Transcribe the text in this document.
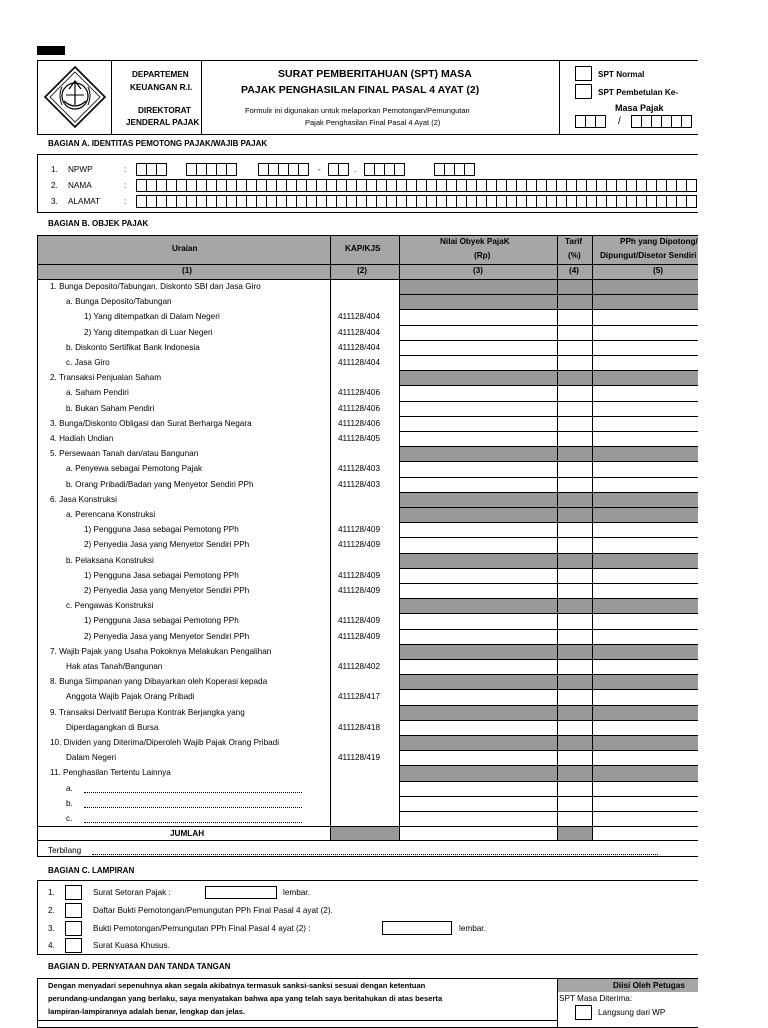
DEPARTEMEN
KEUANGAN R.I.
DIREKTORAT
JENDERAL PAJAK
SURAT PEMBERITAHUAN (SPT) MASA
PAJAK PENGHASILAN FINAL PASAL 4 AYAT (2)
Formulir ini digunakan untuk melaporkan Pemotongan/Pemungutan
Pajak Penghasilan Final Pasal 4 Ayat (2)
SPT Normal
SPT Pembetulan Ke-
Masa Pajak
/
BAGIAN A. IDENTITAS PEMOTONG PAJAK/WAJIB PAJAK
1. NPWP	:	-	.
2. NAMA	:
3. ALAMAT	:
BAGIAN B. OBJEK PAJAK
Uraian	KAP/KJS
Nilai Obyek PajaK
(Rp)
Tarif
(%)
PPh yang Dipotong/
Dipungut/Disetor Sendiri
(1)	(2)	(3)	(4)	(5)
1. Bunga Deposito/Tabungan, Diskonto SBI dan Jasa Giro
a. Bunga Deposito/Tabungan
1) Yang ditempatkan di Dalam Negeri	411128/404
2) Yang ditempatkan di Luar Negeri	411128/404
b. Diskonto Sertifikat Bank Indonesia	411128/404
c. Jasa Giro	411128/404
2. Transaksi Penjualan Saham
a. Saham Pendiri	411128/406
b. Bukan Saham Pendiri	411128/406
3. Bunga/Diskonto Obligasi dan Surat Berharga Negara	411128/406
4. Hadiah Undian	411128/405
5. Persewaan Tanah dan/atau Bangunan
a. Penyewa sebagai Pemotong Pajak	411128/403
b. Orang Pribadi/Badan yang Menyetor Sendiri PPh	411128/403
6. Jasa Konstruksi
a. Perencana Konstruksi
1) Pengguna Jasa sebagai Pemotong PPh	411128/409
2) Penyedia Jasa yang Menyetor Sendiri PPh	411128/409
b. Pelaksana Konstruksi
1) Pengguna Jasa sebagai Pemotong PPh	411128/409
2) Penyedia Jasa yang Menyetor Sendiri PPh	411128/409
c. Pengawas Konstruksi
1) Pengguna Jasa sebagai Pemotong PPh	411128/409
2) Penyedia Jasa yang Menyetor Sendiri PPh	411128/409
7. Wajib Pajak yang Usaha Pokoknya Melakukan Pengalihan
Hak atas Tanah/Bangunan	411128/402
8. Bunga Simpanan yang Dibayarkan oleh Koperasi kepada
Anggota Wajib Pajak Orang Pribadi	411128/417
9. Transaksi Derivatif Berupa Kontrak Berjangka yang
Diperdagangkan di Bursa	411128/418
10. Dividen yang Diterima/Diperoleh Wajib Pajak Orang Pribadi
Dalam Negeri	411128/419
11. Penghasilan Tertentu Lainnya
a.
b.
c.
JUMLAH
Terbilang
BAGIAN C. LAMPIRAN
1.	Surat Setoran Pajak :	lembar.
2.	Daftar Bukti Pemotongan/Pemungutan PPh Final Pasal 4 ayat (2).
3.	Bukti Pemotongan/Pemungutan PPh Final Pasal 4 ayat (2) :	lembar.
4.	Surat Kuasa Khusus.
BAGIAN D. PERNYATAAN DAN TANDA TANGAN
Dengan menyadari sepenuhnya akan segala akibatnya termasuk sanksi-sanksi sesuai dengan ketentuan
perundang-undangan yang berlaku, saya menyatakan bahwa apa yang telah saya beritahukan di atas beserta
lampiran-lampirannya adalah benar, lengkap dan jelas.
Diisi Oleh Petugas
SPT Masa Diterima:
Langsung dari WP
